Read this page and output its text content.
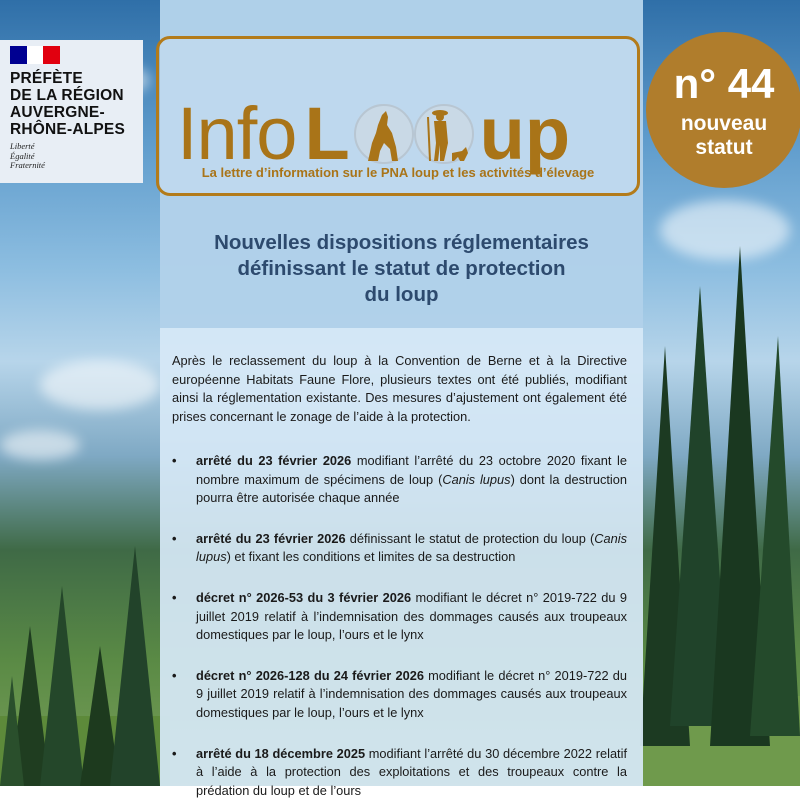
PRÉFÈTE
DE LA RÉGION
AUVERGNE-
RHÔNE-ALPES
Liberté
Égalité
Fraternité	Info L up
La lettre d’information sur le PNA loup et les activités d’élevage
n° 44
nouveau
statut
Nouvelles dispositions réglementaires
définissant le statut de protection
du loup
Après le reclassement du loup à la Convention de Berne et à la Directive européenne Habitats Faune Flore, plusieurs textes ont été publiés, modifiant ainsi la réglementation existante. Des mesures d’ajustement ont également été prises concernant le zonage de l’aide à la protection.
• arrêté du 23 février 2026 modifiant l’arrêté du 23 octobre 2020 fixant le nombre maximum de spécimens de loup (Canis lupus) dont la destruction pourra être autorisée chaque année
• arrêté du 23 février 2026 définissant le statut de protection du loup (Canis lupus) et fixant les conditions et limites de sa destruction
• décret n° 2026-53 du 3 février 2026 modifiant le décret n° 2019-722 du 9 juillet 2019 relatif à l’indemnisation des dommages causés aux troupeaux domestiques par le loup, l’ours et le lynx
• décret n° 2026-128 du 24 février 2026 modifiant le décret n° 2019-722 du 9 juillet 2019 relatif à l’indemnisation des dommages causés aux troupeaux domestiques par le loup, l’ours et le lynx
• arrêté du 18 décembre 2025 modifiant l’arrêté du 30 décembre 2022 relatif à l’aide à la protection des exploitations et des troupeaux contre la prédation du loup et de l’ours
